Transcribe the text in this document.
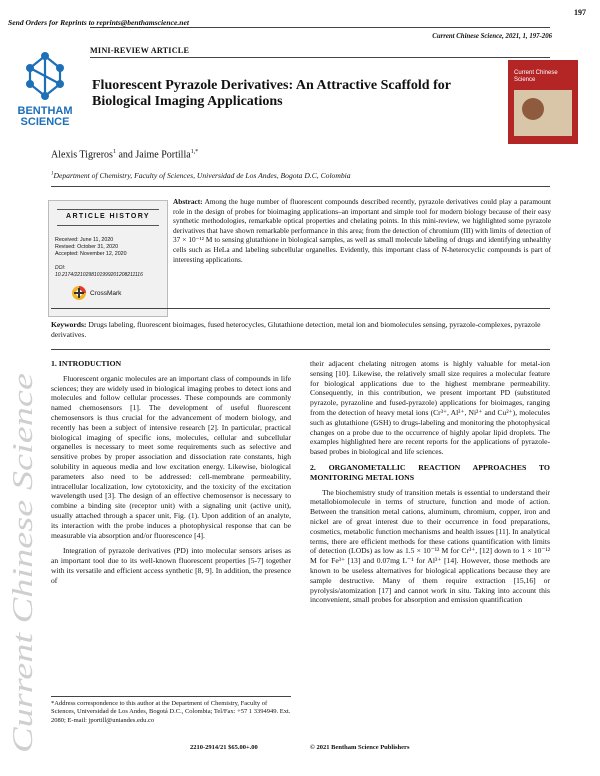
197
Send Orders for Reprints to reprints@benthamscience.net
Current Chinese Science, 2021, 1, 197-206
MINI-REVIEW ARTICLE
BENTHAM
SCIENCE
Current Chinese Science
Fluorescent Pyrazole Derivatives: An Attractive Scaffold for Biological Imaging Applications
Alexis Tigreros$^1$ and Jaime Portilla$^{1,*}$
$^1$Department of Chemistry, Faculty of Sciences, Universidad de Los Andes, Bogota D.C, Colombia
ARTICLE HISTORY
Received: June 11, 2020
Revised: October 31, 2020
Accepted: November 12, 2020
DOI:
10.2174/2210298101999201208211116
CrossMark
Abstract: Among the huge number of fluorescent compounds described recently, pyrazole derivatives could play a paramount role in the design of probes for bioimaging applications–an important and simple tool for modern biology because of their easy synthetic methodologies, remarkable optical properties and chelating points. In this mini-review, we highlighted some pyrazole derivatives that have shown remarkable performance in this area; from the detection of chromium (III) with limits of detection of 37 × 10⁻¹² M to sensing glutathione in biological samples, as well as small molecule labeling of drugs and identifying unhealthy cells such as HeLa and labeling subcellular organelles. Evidently, this important class of N-heterocyclic compounds is part of interesting applications.
Keywords: Drugs labeling, fluorescent bioimages, fused heterocycles, Glutathione detection, metal ion and biomolecules sensing, pyrazole-complexes, pyrazole derivatives.
1. INTRODUCTION

Fluorescent organic molecules are an important class of compounds in life sciences; they are widely used in biological imaging probes to detect ions and molecules and follow cellular processes. These compounds are commonly named chemosensors [1]. The development of useful fluorescent chemosensors is thus crucial for the advancement of modern biology, and recently has been a subject of intensive research [2]. In particular, practical biological imaging of specific ions, molecules, cellular and subcellular organelles is necessary to meet some requirements such as selective and sensitive probes by proper association and dissociation rate constants, high solubility in aqueous media and low excitation energy. Likewise, biological parameters also need to be addressed: cell-membrane permeability, intracellular localization, low cytotoxicity, and the toxicity of the excitation wavelength used [3]. The design of an effective chemosensor is necessary to combine a binding site (receptor unit) with a signaling unit (active unit), usually attached through a spacer unit, Fig. (1). Upon addition of an analyte, its interaction with the probe induces a photophysical response that can be measurable via absorption and/or fluorescence [4].

Integration of pyrazole derivatives (PD) into molecular sensors arises as an important tool due to its well-known fluorescent properties [5-7] together with its versatile and efficient access synthetic [8, 9]. In addition, the presence of

their adjacent chelating nitrogen atoms is highly valuable for metal-ion sensing [10]. Likewise, the relatively small size requires a molecular feature for biological applications due to the highest membrane permeability. Consequently, in this contribution, we present important PD (substituted pyrazole, pyrazoline and fused-pyrazole) applications for bioimages, ranging from the detection of heavy metal ions (Cr³⁺, Al³⁺, Ni²⁺ and Cu²⁺), molecules such as glutathione (GSH) to drugs-labeling and monitoring the photophysical changes on a probe due to the occurrence of highly apolar lipid droplets. The examples highlighted here are recent reports for the applications of pyrazole-based probes in biological and life sciences.

2. ORGANOMETALLIC REACTION APPROACHES TO MONITORING METAL IONS

The biochemistry study of transition metals is essential to understand their metallobiomolecule in terms of structure, function and mode of action. Between the transition metal cations, aluminum, chromium, copper, iron and nickel are of great interest due to their occurrence in food preparations, cosmetics, metabolic function mechanisms and health issues [11]. In analytical terms, there are efficient methods for these cations quantification with limits of detection (LODs) as low as 1.5 × 10⁻¹² M for Cr³⁺, [12] down to 1 × 10⁻¹² M for Fe³⁺ [13] and 0.07mg L⁻¹ for Al³⁺ [14]. However, those methods are known to be useless alternatives for biological applications because they are sample destructive. Many of them require extraction [15,16] or pyrolysis/atomization [17] and cannot work in situ. Taking into account this inconvenient, small probes for absorption and emission quantification

*Address correspondence to this author at the Department of Chemistry, Faculty of Sciences, Universidad de Los Andes, Bogotá D.C., Colombia; Tel/Fax: +57 1 3394949. Ext. 2080; E-mail: jportill@uniandes.edu.co
2210-2914/21 $65.00+.00	© 2021 Bentham Science Publishers
Current Chinese Science
